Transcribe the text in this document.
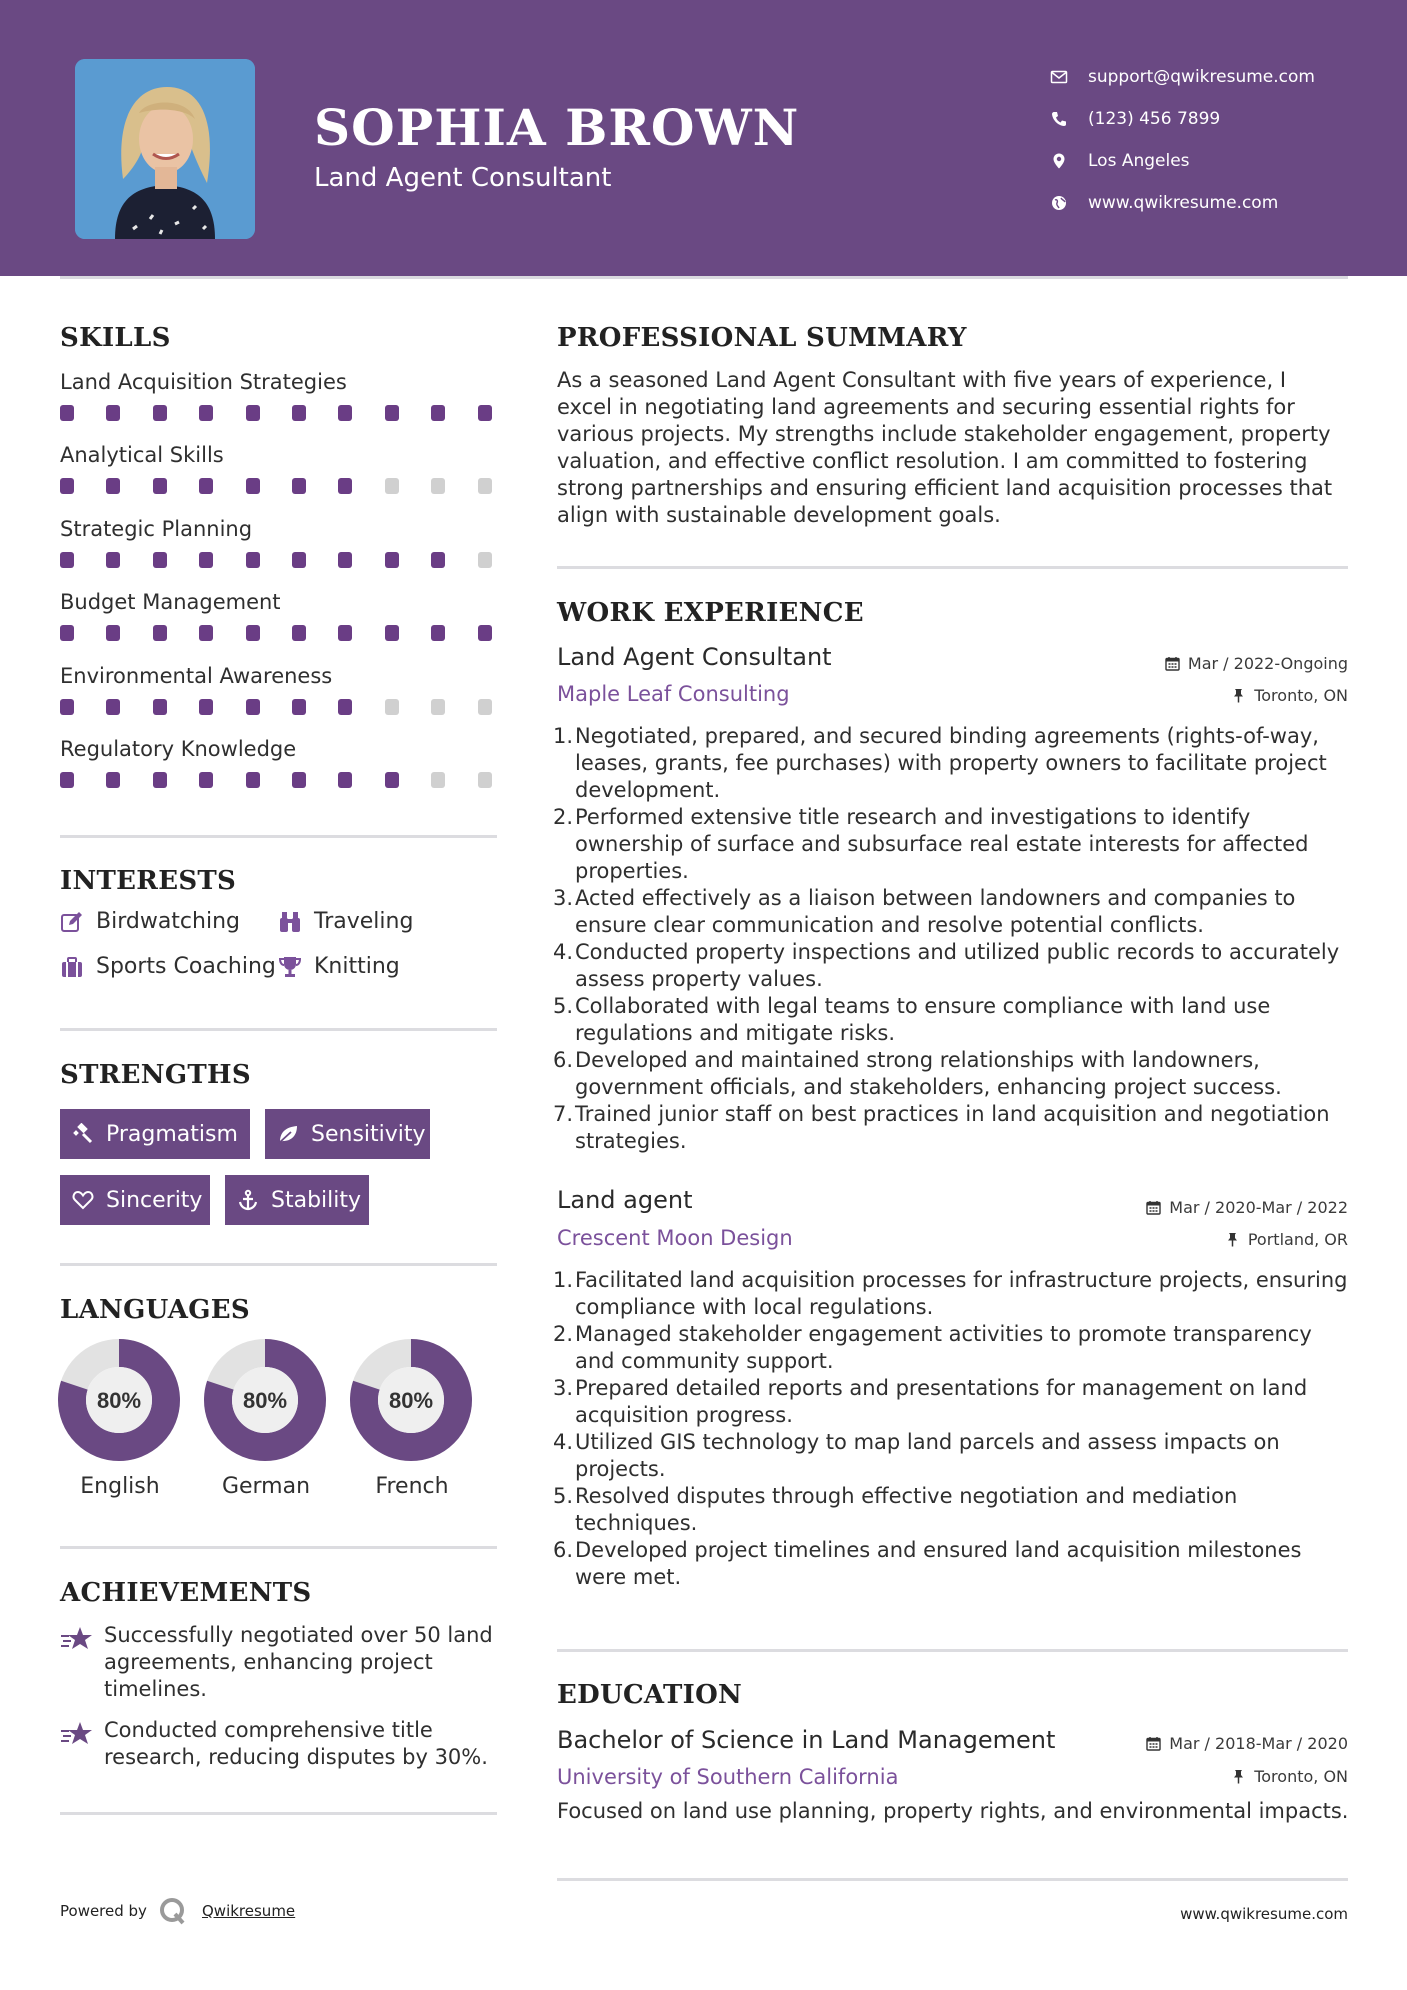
SOPHIA BROWN
Land Agent Consultant
support@qwikresume.com
(123) 456 7899
Los Angeles
www.qwikresume.com
SKILLS
Land Acquisition Strategies
Analytical Skills
Strategic Planning
Budget Management
Environmental Awareness
Regulatory Knowledge
INTERESTS
Birdwatching	Traveling
Sports Coaching Knitting
STRENGTHS
Pragmatism	Sensitivity
Sincerity	Stability
LANGUAGES
80%
English
80%
German
80%
French
ACHIEVEMENTS
Successfully negotiated over 50 land agreements, enhancing project timelines.
Conducted comprehensive title research, reducing disputes by 30%.
PROFESSIONAL SUMMARY
As a seasoned Land Agent Consultant with five years of experience, I excel in negotiating land agreements and securing essential rights for various projects. My strengths include stakeholder engagement, property valuation, and effective conflict resolution. I am committed to fostering strong partnerships and ensuring efficient land acquisition processes that align with sustainable development goals.
WORK EXPERIENCE
Land Agent Consultant
Maple Leaf Consulting
Mar / 2022-Ongoing
Toronto, ON
1. Negotiated, prepared, and secured binding agreements (rights-of-way, leases, grants, fee purchases) with property owners to facilitate project development.
2. Performed extensive title research and investigations to identify ownership of surface and subsurface real estate interests for affected properties.
3. Acted effectively as a liaison between landowners and companies to ensure clear communication and resolve potential conflicts.
4. Conducted property inspections and utilized public records to accurately assess property values.
5. Collaborated with legal teams to ensure compliance with land use regulations and mitigate risks.
6. Developed and maintained strong relationships with landowners, government officials, and stakeholders, enhancing project success.
7. Trained junior staff on best practices in land acquisition and negotiation strategies.
Land agent
Crescent Moon Design
Mar / 2020-Mar / 2022
Portland, OR
1. Facilitated land acquisition processes for infrastructure projects, ensuring compliance with local regulations.
2. Managed stakeholder engagement activities to promote transparency and community support.
3. Prepared detailed reports and presentations for management on land acquisition progress.
4. Utilized GIS technology to map land parcels and assess impacts on projects.
5. Resolved disputes through effective negotiation and mediation techniques.
6. Developed project timelines and ensured land acquisition milestones were met.
EDUCATION
Bachelor of Science in Land Management
University of Southern California
Mar / 2018-Mar / 2020
Toronto, ON
Focused on land use planning, property rights, and environmental impacts.
Powered by	Qwikresume	www.qwikresume.com
